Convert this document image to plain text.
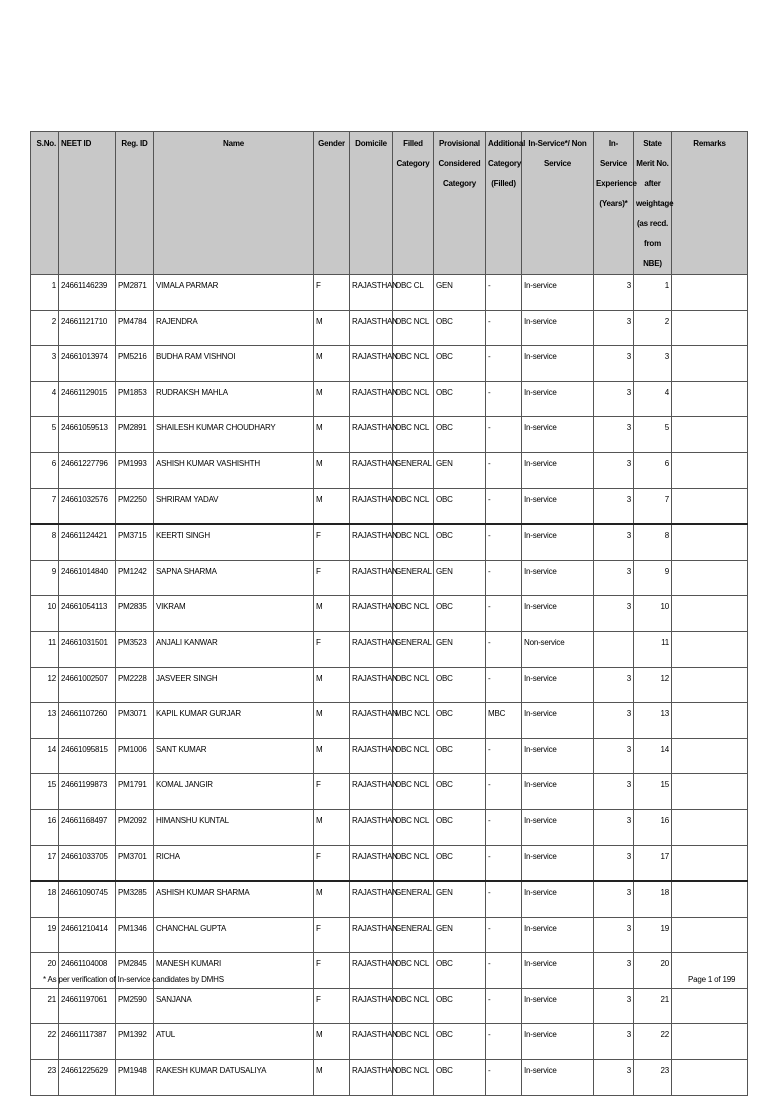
S.No.	NEET ID	Reg. ID	Name	Gender	Domicile	Filled Category	Provisional Considered Category	Additional Category (Filled)	In-Service*/ Non Service	In-Service Experience (Years)*	State Merit No. after weightage (as recd. from NBE)	Remarks
1	24661146239	PM2871	VIMALA PARMAR	F	RAJASTHAN	OBC CL	GEN	-	In-service	3	1	
2	24661121710	PM4784	RAJENDRA	M	RAJASTHAN	OBC NCL	OBC	-	In-service	3	2	
3	24661013974	PM5216	BUDHA RAM VISHNOI	M	RAJASTHAN	OBC NCL	OBC	-	In-service	3	3	
4	24661129015	PM1853	RUDRAKSH MAHLA	M	RAJASTHAN	OBC NCL	OBC	-	In-service	3	4	
5	24661059513	PM2891	SHAILESH KUMAR CHOUDHARY	M	RAJASTHAN	OBC NCL	OBC	-	In-service	3	5	
6	24661227796	PM1993	ASHISH KUMAR VASHISHTH	M	RAJASTHAN	GENERAL	GEN	-	In-service	3	6	
7	24661032576	PM2250	SHRIRAM YADAV	M	RAJASTHAN	OBC NCL	OBC	-	In-service	3	7	
8	24661124421	PM3715	KEERTI SINGH	F	RAJASTHAN	OBC NCL	OBC	-	In-service	3	8	
9	24661014840	PM1242	SAPNA SHARMA	F	RAJASTHAN	GENERAL	GEN	-	In-service	3	9	
10	24661054113	PM2835	VIKRAM	M	RAJASTHAN	OBC NCL	OBC	-	In-service	3	10	
11	24661031501	PM3523	ANJALI KANWAR	F	RAJASTHAN	GENERAL	GEN	-	Non-service		11	
12	24661002507	PM2228	JASVEER SINGH	M	RAJASTHAN	OBC NCL	OBC	-	In-service	3	12	
13	24661107260	PM3071	KAPIL KUMAR GURJAR	M	RAJASTHAN	MBC NCL	OBC	MBC	In-service	3	13	
14	24661095815	PM1006	SANT KUMAR	M	RAJASTHAN	OBC NCL	OBC	-	In-service	3	14	
15	24661199873	PM1791	KOMAL JANGIR	F	RAJASTHAN	OBC NCL	OBC	-	In-service	3	15	
16	24661168497	PM2092	HIMANSHU KUNTAL	M	RAJASTHAN	OBC NCL	OBC	-	In-service	3	16	
17	24661033705	PM3701	RICHA	F	RAJASTHAN	OBC NCL	OBC	-	In-service	3	17	
18	24661090745	PM3285	ASHISH KUMAR SHARMA	M	RAJASTHAN	GENERAL	GEN	-	In-service	3	18	
19	24661210414	PM1346	CHANCHAL GUPTA	F	RAJASTHAN	GENERAL	GEN	-	In-service	3	19	
20	24661104008	PM2845	MANESH KUMARI	F	RAJASTHAN	OBC NCL	OBC	-	In-service	3	20	
21	24661197061	PM2590	SANJANA	F	RAJASTHAN	OBC NCL	OBC	-	In-service	3	21	
22	24661117387	PM1392	ATUL	M	RAJASTHAN	OBC NCL	OBC	-	In-service	3	22	
23	24661225629	PM1948	RAKESH KUMAR DATUSALIYA	M	RAJASTHAN	OBC NCL	OBC	-	In-service	3	23	
* As per verification of In-service candidates by DMHS	Page 1 of 199
